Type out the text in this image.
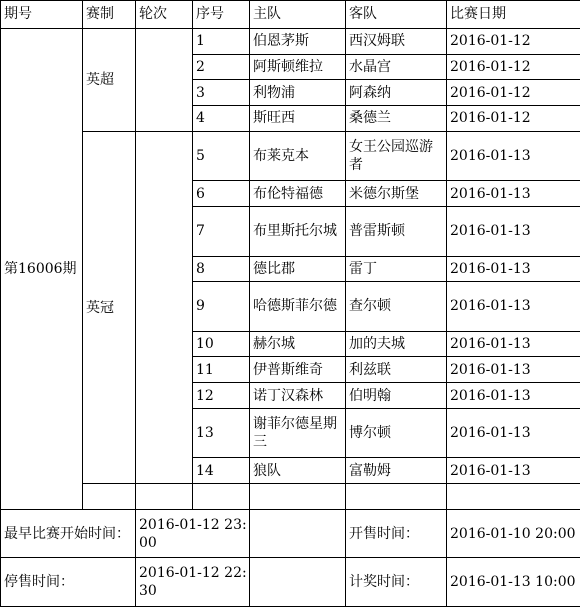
期号	赛制	轮次	序号	主队	客队	比赛日期
第16006期	英超		1	伯恩茅斯	西汉姆联	2016-01-12
			2	阿斯顿维拉	水晶宫	2016-01-12
			3	利物浦	阿森纳	2016-01-12
			4	斯旺西	桑德兰	2016-01-12
	英冠		5	布莱克本	女王公园巡游者	2016-01-13
			6	布伦特福德	米德尔斯堡	2016-01-13
			7	布里斯托尔城	普雷斯顿	2016-01-13
			8	德比郡	雷丁	2016-01-13
			9	哈德斯菲尔德	查尔顿	2016-01-13
			10	赫尔城	加的夫城	2016-01-13
			11	伊普斯维奇	利兹联	2016-01-13
			12	诺丁汉森林	伯明翰	2016-01-13
			13	谢菲尔德星期三	博尔顿	2016-01-13
			14	狼队	富勒姆	2016-01-13

最早比赛开始时间：		2016-01-12 23:00			开售时间：	2016-01-10 20:00
停售时间：		2016-01-12 22:30			计奖时间：	2016-01-13 10:00
